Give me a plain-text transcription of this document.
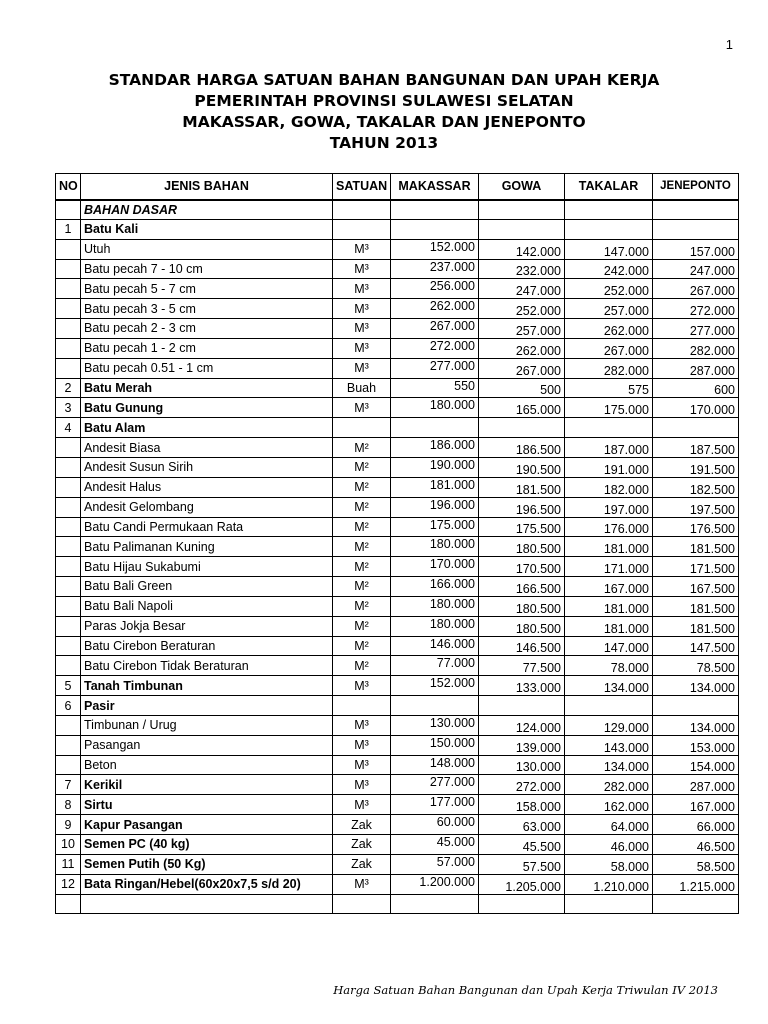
1
STANDAR HARGA SATUAN BAHAN BANGUNAN DAN UPAH KERJA
PEMERINTAH PROVINSI SULAWESI SELATAN
MAKASSAR, GOWA, TAKALAR DAN JENEPONTO
TAHUN 2013
NO	JENIS BAHAN	SATUAN	MAKASSAR	GOWA	TAKALAR	JENEPONTO
	BAHAN DASAR					
1	Batu Kali					
	Utuh	M³	152.000	142.000	147.000	157.000
	Batu pecah 7 - 10 cm	M³	237.000	232.000	242.000	247.000
	Batu pecah 5 - 7 cm	M³	256.000	247.000	252.000	267.000
	Batu pecah 3 - 5 cm	M³	262.000	252.000	257.000	272.000
	Batu pecah 2 - 3 cm	M³	267.000	257.000	262.000	277.000
	Batu pecah 1 - 2 cm	M³	272.000	262.000	267.000	282.000
	Batu pecah 0.51 - 1 cm	M³	277.000	267.000	282.000	287.000
2	Batu Merah	Buah	550	500	575	600
3	Batu Gunung	M³	180.000	165.000	175.000	170.000
4	Batu Alam					
	Andesit Biasa	M²	186.000	186.500	187.000	187.500
	Andesit Susun Sirih	M²	190.000	190.500	191.000	191.500
	Andesit Halus	M²	181.000	181.500	182.000	182.500
	Andesit Gelombang	M²	196.000	196.500	197.000	197.500
	Batu Candi Permukaan Rata	M²	175.000	175.500	176.000	176.500
	Batu Palimanan Kuning	M²	180.000	180.500	181.000	181.500
	Batu Hijau Sukabumi	M²	170.000	170.500	171.000	171.500
	Batu Bali Green	M²	166.000	166.500	167.000	167.500
	Batu Bali Napoli	M²	180.000	180.500	181.000	181.500
	Paras Jokja Besar	M²	180.000	180.500	181.000	181.500
	Batu Cirebon Beraturan	M²	146.000	146.500	147.000	147.500
	Batu Cirebon Tidak Beraturan	M²	77.000	77.500	78.000	78.500
5	Tanah Timbunan	M³	152.000	133.000	134.000	134.000
6	Pasir					
	Timbunan / Urug	M³	130.000	124.000	129.000	134.000
	Pasangan	M³	150.000	139.000	143.000	153.000
	Beton	M³	148.000	130.000	134.000	154.000
7	Kerikil	M³	277.000	272.000	282.000	287.000
8	Sirtu	M³	177.000	158.000	162.000	167.000
9	Kapur Pasangan	Zak	60.000	63.000	64.000	66.000
10	Semen PC (40 kg)	Zak	45.000	45.500	46.000	46.500
11	Semen Putih (50 Kg)	Zak	57.000	57.500	58.000	58.500
12	Bata Ringan/Hebel(60x20x7,5 s/d 20)	M³	1.200.000	1.205.000	1.210.000	1.215.000

Harga Satuan Bahan Bangunan dan Upah Kerja Triwulan IV 2013
